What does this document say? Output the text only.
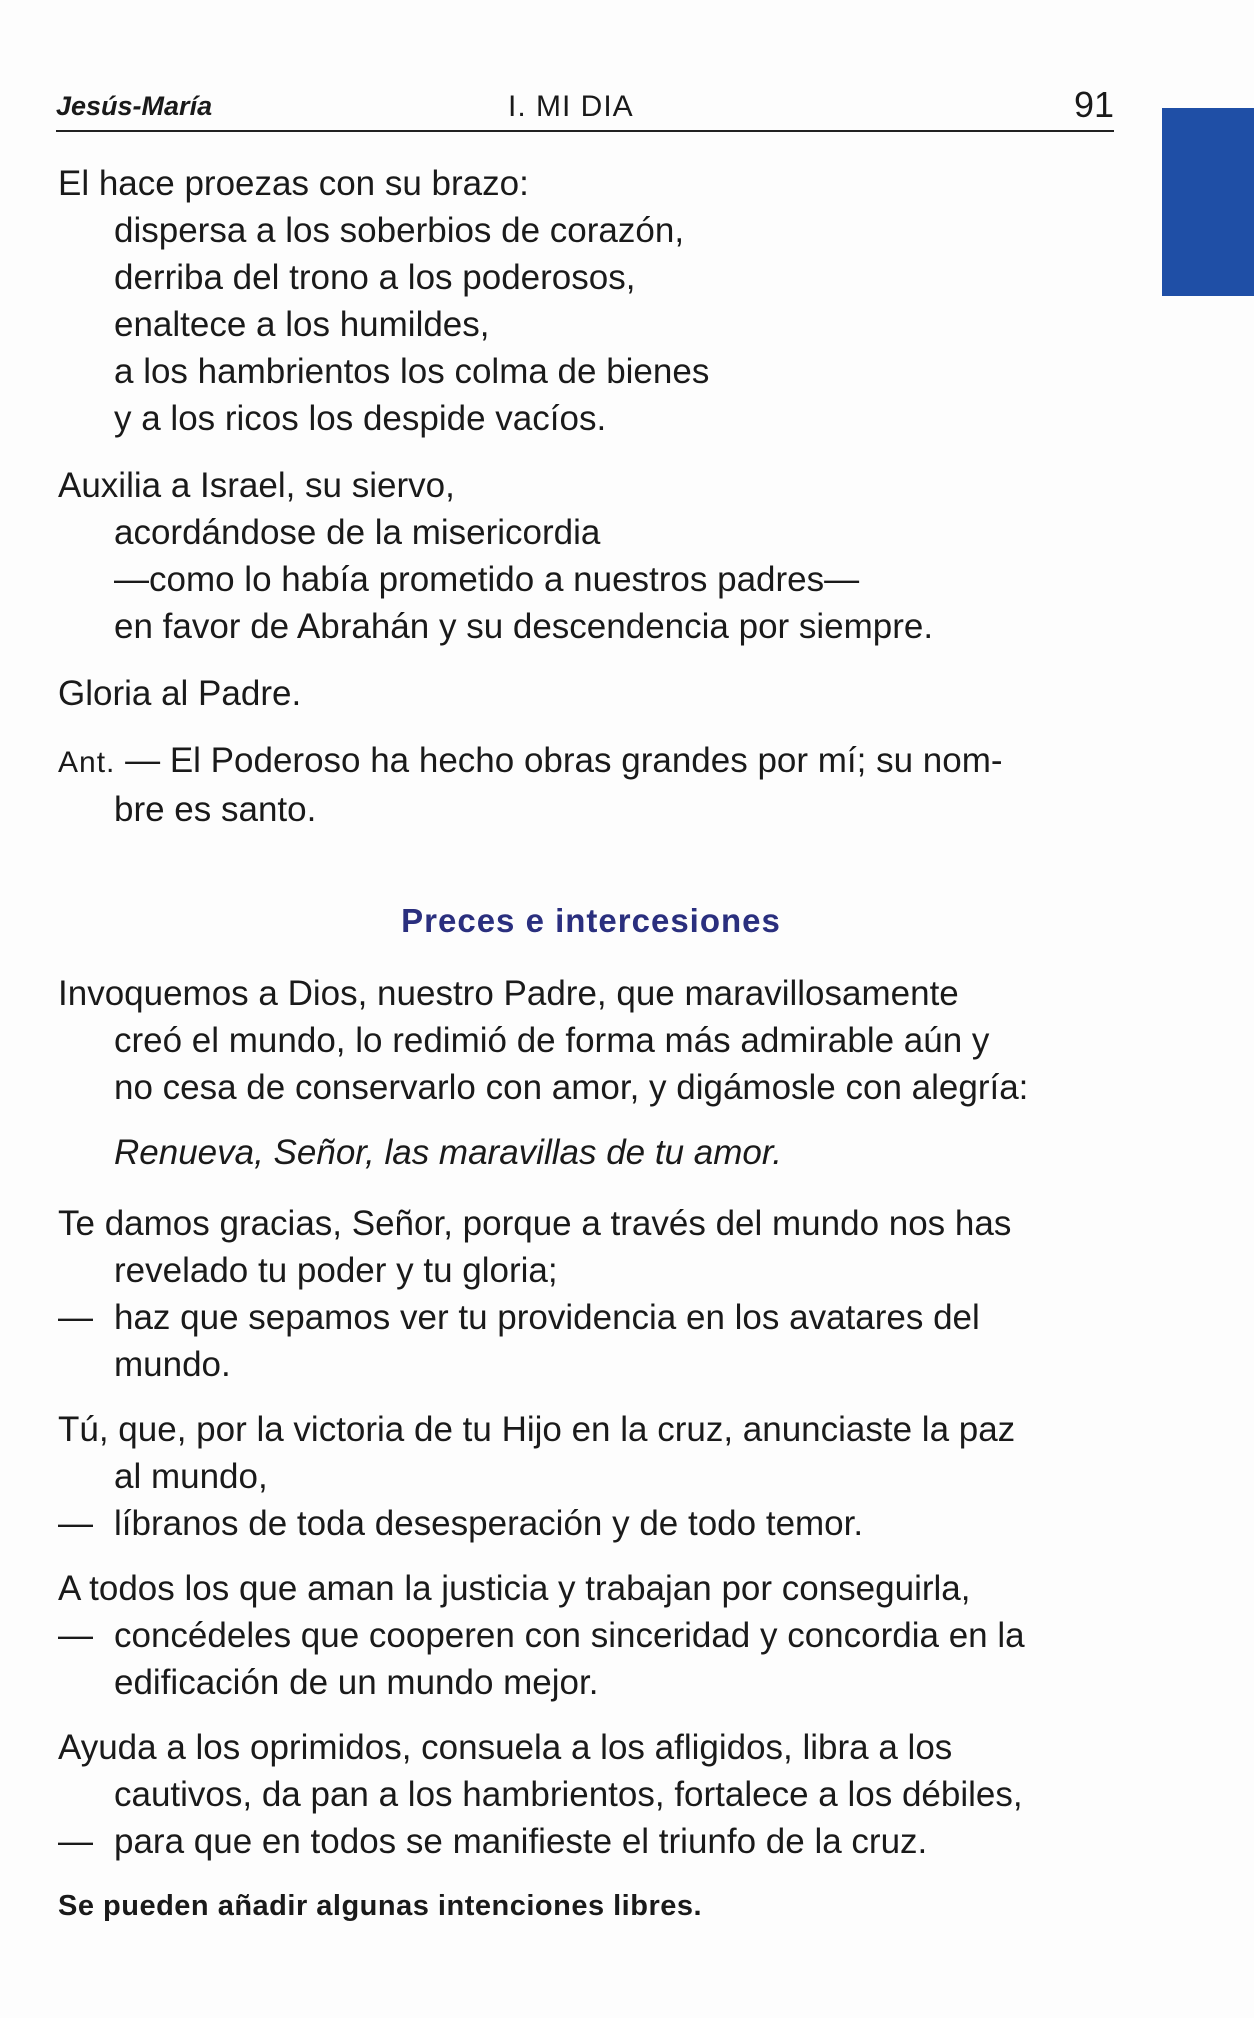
Jesús-María	I. MI DIA	91
El hace proezas con su brazo:
dispersa a los soberbios de corazón,
derriba del trono a los poderosos,
enaltece a los humildes,
a los hambrientos los colma de bienes
y a los ricos los despide vacíos.
Auxilia a Israel, su siervo,
acordándose de la misericordia
—como lo había prometido a nuestros padres—
en favor de Abrahán y su descendencia por siempre.
Gloria al Padre.
Ant. — El Poderoso ha hecho obras grandes por mí; su nom-
bre es santo.
Preces e intercesiones
Invoquemos a Dios, nuestro Padre, que maravillosamente
creó el mundo, lo redimió de forma más admirable aún y
no cesa de conservarlo con amor, y digámosle con alegría:
Renueva, Señor, las maravillas de tu amor.
Te damos gracias, Señor, porque a través del mundo nos has
revelado tu poder y tu gloria;
— haz que sepamos ver tu providencia en los avatares del
mundo.
Tú, que, por la victoria de tu Hijo en la cruz, anunciaste la paz
al mundo,
— líbranos de toda desesperación y de todo temor.
A todos los que aman la justicia y trabajan por conseguirla,
— concédeles que cooperen con sinceridad y concordia en la
edificación de un mundo mejor.
Ayuda a los oprimidos, consuela a los afligidos, libra a los
cautivos, da pan a los hambrientos, fortalece a los débiles,
— para que en todos se manifieste el triunfo de la cruz.
Se pueden añadir algunas intenciones libres.
